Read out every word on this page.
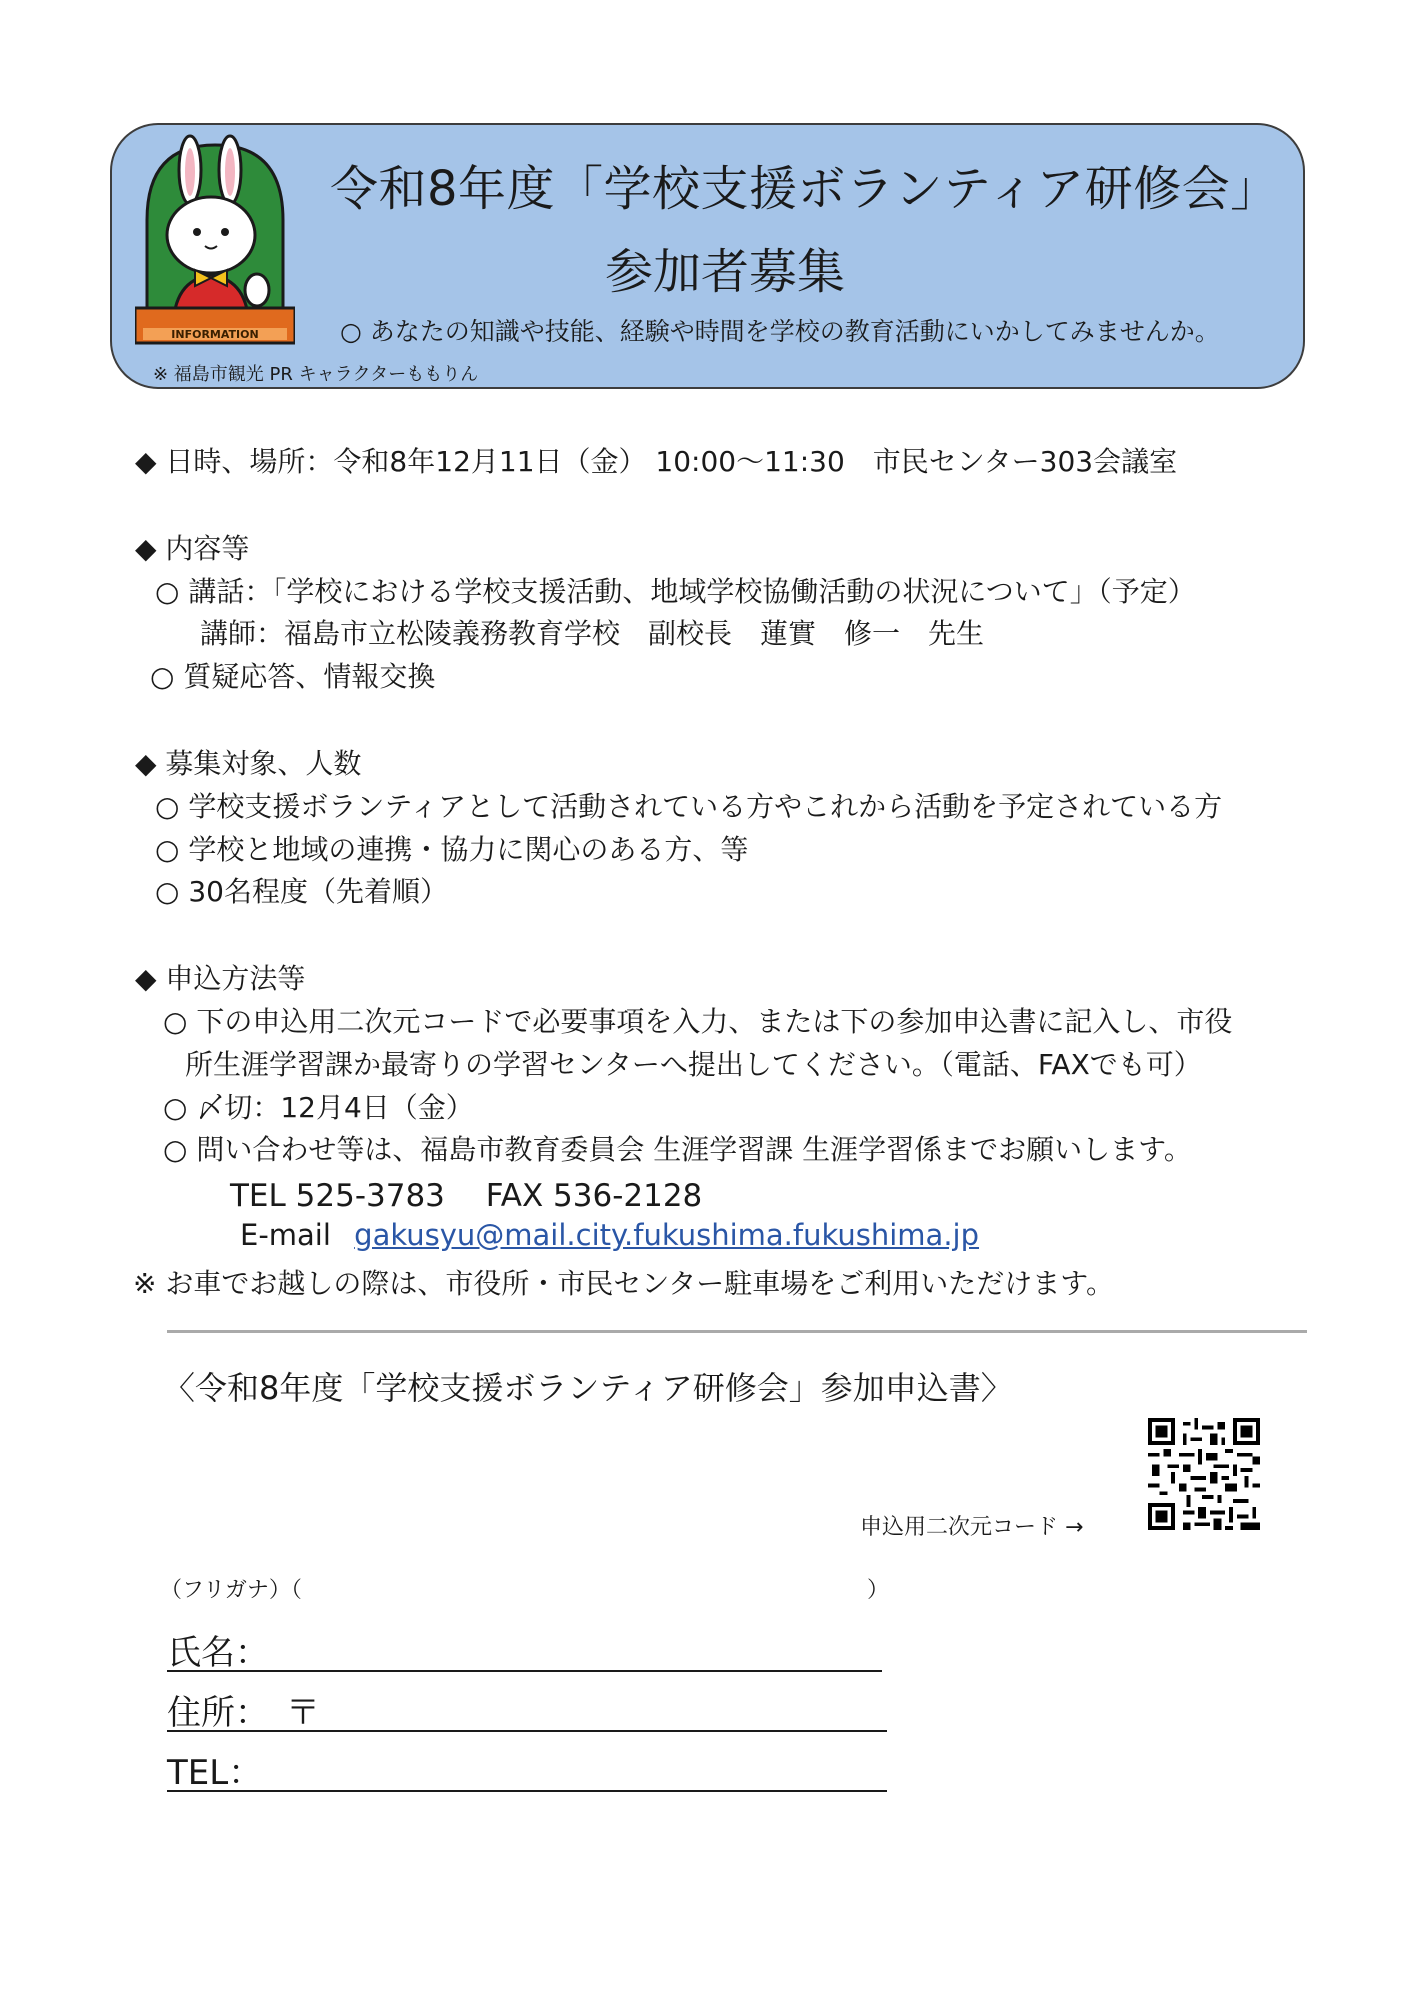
INFORMATION
令和8年度「学校支援ボランティア研修会」
参加者募集
○ あなたの知識や技能、経験や時間を学校の教育活動にいかしてみませんか。
※ 福島市観光 PR キャラクターももりん
◆ 日時、場所：令和8年12月11日（金） 10:00～11:30　市民センター303会議室
◆ 内容等
○ 講話：「学校における学校支援活動、地域学校協働活動の状況について」（予定）
講師：福島市立松陵義務教育学校　副校長　蓮實　修一　先生
○ 質疑応答、情報交換
◆ 募集対象、人数
○ 学校支援ボランティアとして活動されている方やこれから活動を予定されている方
○ 学校と地域の連携・協力に関心のある方、等
○ 30名程度（先着順）
◆ 申込方法等
○ 下の申込用二次元コードで必要事項を入力、または下の参加申込書に記入し、市役
所生涯学習課か最寄りの学習センターへ提出してください。（電話、FAXでも可）
○ 〆切：12月4日（金）
○ 問い合わせ等は、福島市教育委員会 生涯学習課 生涯学習係までお願いします。
TEL 525-3783　 FAX 536-2128
E-mail gakusyu@mail.city.fukushima.fukushima.jp
※ お車でお越しの際は、市役所・市民センター駐車場をご利用いただけます。
〈令和8年度「学校支援ボランティア研修会」参加申込書〉
申込用二次元コード →
（フリガナ）（	）
氏名：
住所：　〒
TEL：
